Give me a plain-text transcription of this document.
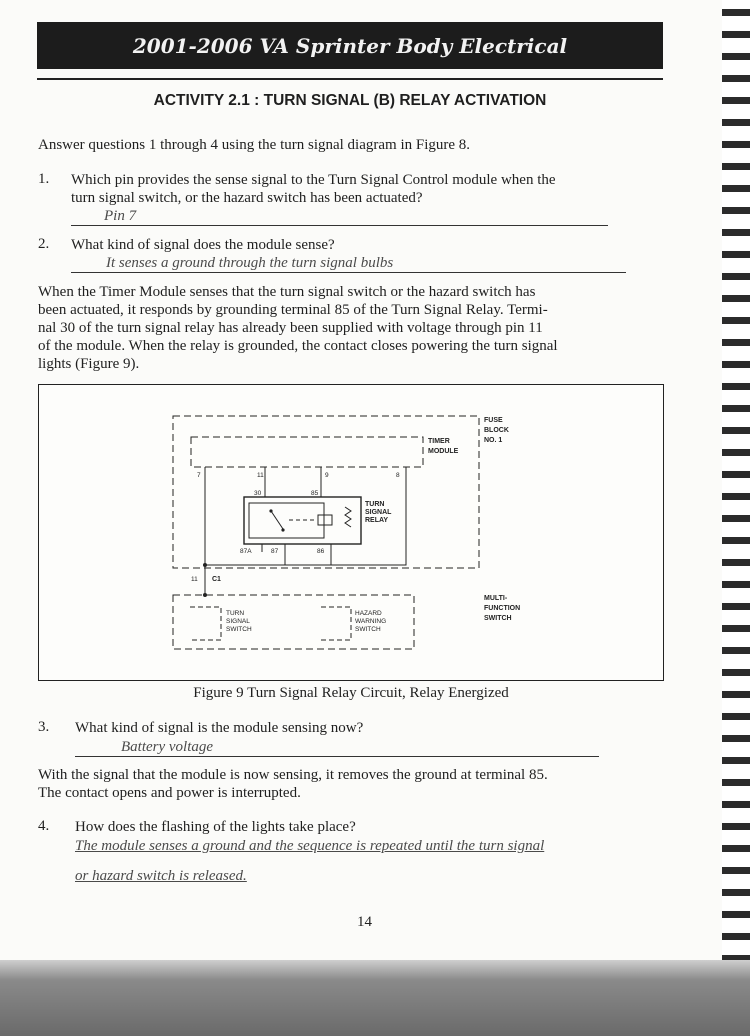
2001-2006 VA Sprinter Body Electrical
ACTIVITY 2.1 : TURN SIGNAL (B) RELAY ACTIVATION
Answer questions 1 through 4 using the turn signal diagram in Figure 8.
1. Which pin provides the sense signal to the Turn Signal Control module when the
turn signal switch, or the hazard switch has been actuated?
Pin 7
2. What kind of signal does the module sense?
It senses a ground through the turn signal bulbs
When the Timer Module senses that the turn signal switch or the hazard switch has
been actuated, it responds by grounding terminal 85 of the Turn Signal Relay. Termi-
nal 30 of the turn signal relay has already been supplied with voltage through pin 11
of the module. When the relay is grounded, the contact closes powering the turn signal
lights (Figure 9).
FUSE
BLOCK
NO. 1
TIMER
MODULE
TURN
SIGNAL
RELAY
MULTI-
FUNCTION
SWITCH
TURN
SIGNAL
SWITCH
HAZARD
WARNING
SWITCH
C1
7	11	9	8
30	85
87A	87	86
11
Figure 9 Turn Signal Relay Circuit, Relay Energized
3. What kind of signal is the module sensing now?
Battery voltage
With the signal that the module is now sensing, it removes the ground at terminal 85.
The contact opens and power is interrupted.
4. How does the flashing of the lights take place?
The module senses a ground and the sequence is repeated until the turn signal
or hazard switch is released.
14
